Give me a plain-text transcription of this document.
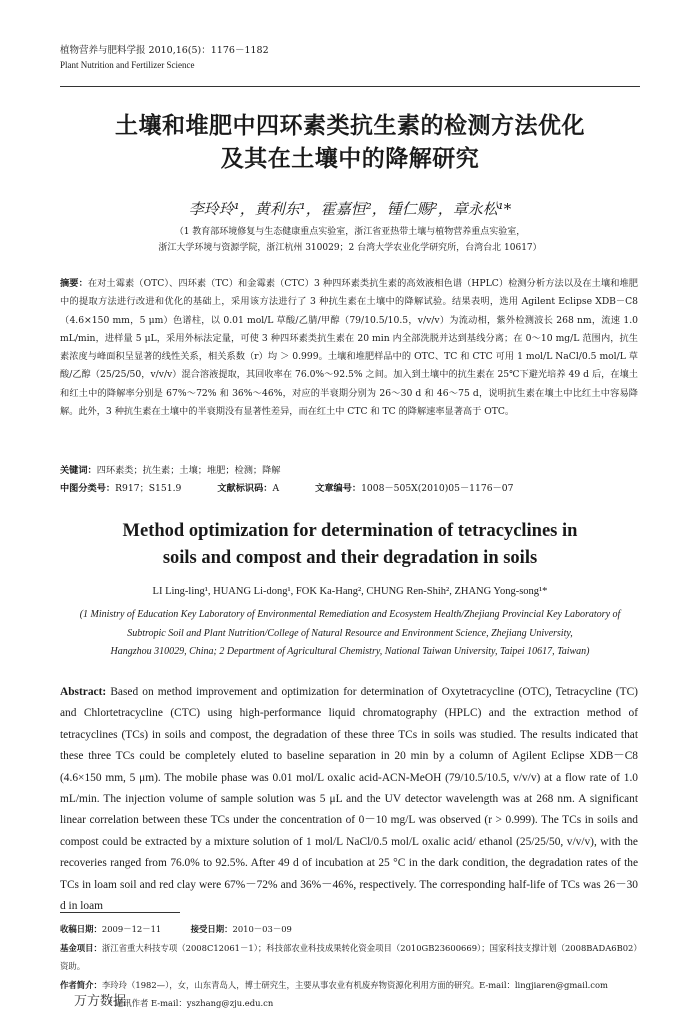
植物营养与肥料学报 2010,16(5)：1176－1182
Plant Nutrition and Fertilizer Science
土壤和堆肥中四环素类抗生素的检测方法优化
及其在土壤中的降解研究
李玲玲¹，黄利东¹，霍嘉恒²，锺仁赐²，章永松¹*
（1 教育部环境修复与生态健康重点实验室，浙江省亚热带土壤与植物营养重点实验室，
浙江大学环境与资源学院，浙江杭州 310029；2 台湾大学农业化学研究所，台湾台北 10617）
摘要：在对土霉素（OTC）、四环素（TC）和金霉素（CTC）3 种四环素类抗生素的高效液相色谱（HPLC）检测分析方法以及在土壤和堆肥中的提取方法进行改进和优化的基础上，采用该方法进行了 3 种抗生素在土壤中的降解试验。结果表明，选用 Agilent Eclipse XDB－C8（4.6×150 mm，5 μm）色谱柱，以 0.01 mol/L 草酸/乙腈/甲醇（79/10.5/10.5，v/v/v）为流动相，紫外检测波长 268 nm，流速 1.0 mL/min，进样量 5 μL，采用外标法定量，可使 3 种四环素类抗生素在 20 min 内全部洗脱并达到基线分离；在 0～10 mg/L 范围内，抗生素浓度与峰面积呈显著的线性关系，相关系数（r）均 ＞ 0.999。土壤和堆肥样品中的 OTC、TC 和 CTC 可用 1 mol/L NaCl/0.5 mol/L 草酸/乙醇（25/25/50，v/v/v）混合溶液提取，其回收率在 76.0%～92.5% 之间。加入到土壤中的抗生素在 25℃下避光培养 49 d 后，在壤土和红土中的降解率分别是 67%～72% 和 36%～46%，对应的半衰期分别为 26～30 d 和 46～75 d，说明抗生素在壤土中比红土中容易降解。此外，3 种抗生素在土壤中的半衰期没有显著性差异，而在红土中 CTC 和 TC 的降解速率显著高于 OTC。
关键词：四环素类；抗生素；土壤；堆肥；检测；降解
中图分类号：R917；S151.9	文献标识码：A	文章编号：1008－505X(2010)05－1176－07
Method optimization for determination of tetracyclines in
soils and compost and their degradation in soils
LI Ling-ling¹, HUANG Li-dong¹, FOK Ka-Hang², CHUNG Ren-Shih², ZHANG Yong-song¹*
(1 Ministry of Education Key Laboratory of Environmental Remediation and Ecosystem Health/Zhejiang Provincial Key Laboratory of
Subtropic Soil and Plant Nutrition/College of Natural Resource and Environment Science, Zhejiang University,
Hangzhou 310029, China; 2 Department of Agricultural Chemistry, National Taiwan University, Taipei 10617, Taiwan)
Abstract: Based on method improvement and optimization for determination of Oxytetracycline (OTC), Tetracycline (TC) and Chlortetracycline (CTC) using high-performance liquid chromatography (HPLC) and the extraction method of tetracyclines (TCs) in soils and compost, the degradation of these three TCs in soils was studied. The results indicated that these three TCs could be completely eluted to baseline separation in 20 min by a column of Agilent Eclipse XDB－C8 (4.6×150 mm, 5 μm). The mobile phase was 0.01 mol/L oxalic acid-ACN-MeOH (79/10.5/10.5, v/v/v) at a flow rate of 1.0 mL/min. The injection volume of sample solution was 5 μL and the UV detector wavelength was at 268 nm. A significant linear correlation between these TCs under the concentration of 0－10 mg/L was observed (r > 0.999). The TCs in soils and compost could be extracted by a mixture solution of 1 mol/L NaCl/0.5 mol/L oxalic acid/ ethanol (25/25/50, v/v/v), with the recoveries ranged from 76.0% to 92.5%. After 49 d of incubation at 25 °C in the dark condition, the degradation rates of the TCs in loam soil and red clay were 67%－72% and 36%－46%, respectively. The corresponding half-life of TCs was 26－30 d in loam
收稿日期：2009－12－11	接受日期：2010－03－09
基金项目：浙江省重大科技专项（2008C12061－1）；科技部农业科技成果转化资金项目（2010GB23600669）；国家科技支撑计划（2008BADA6B02）资助。
作者简介：李玲玲（1982—），女，山东青岛人，博士研究生，主要从事农业有机废弃物资源化利用方面的研究。E-mail：lingjiaren@gmail.com
* 通讯作者 E-mail：yszhang@zju.edu.cn
万方数据
